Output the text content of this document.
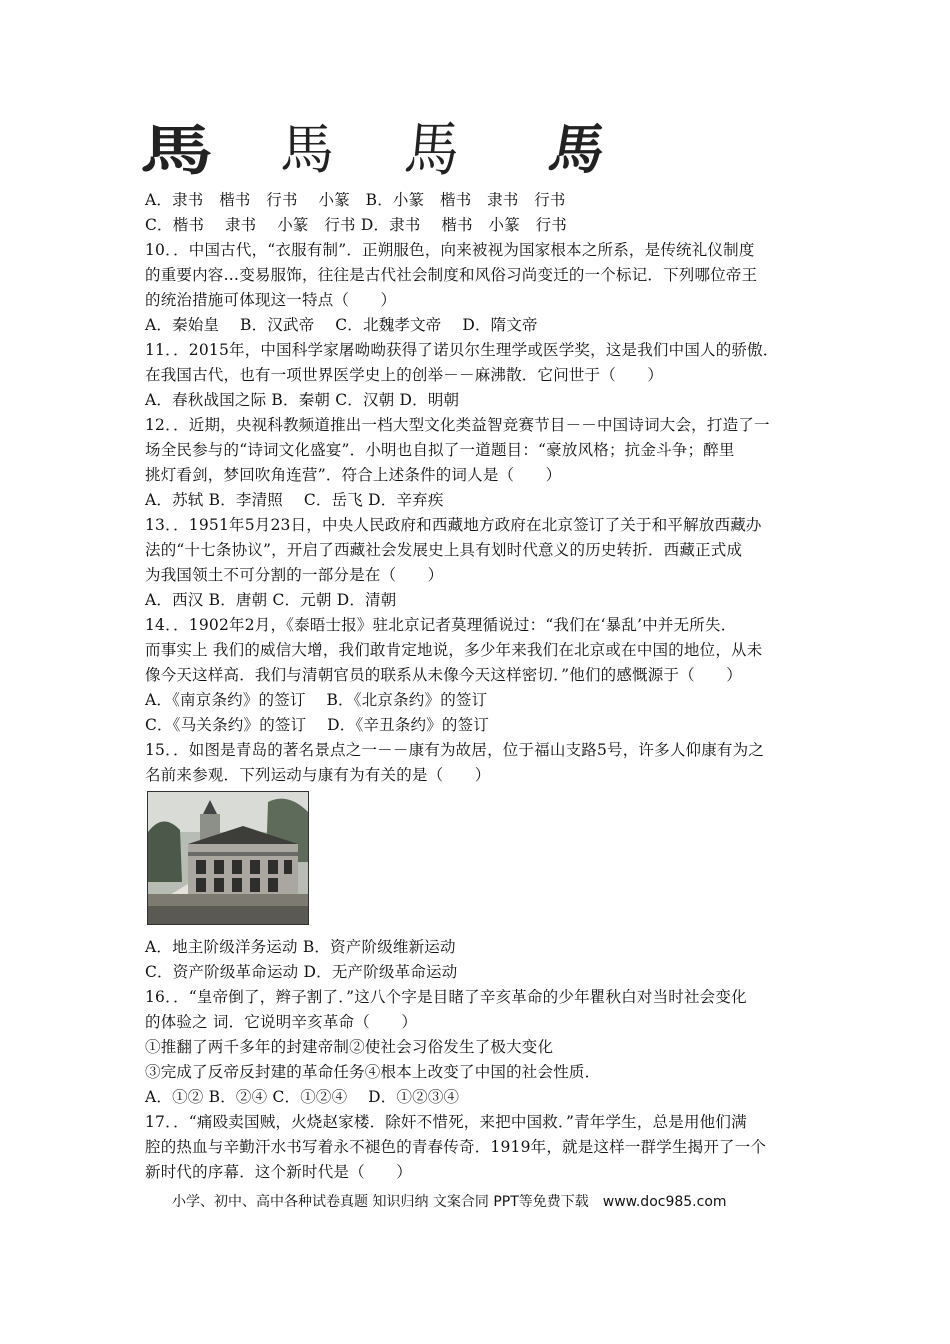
馬 馬 馬 馬
A．隶书　楷书　行书　 小篆　B．小篆　楷书　隶书　行书
C．楷书　 隶书　 小篆　行书 D．隶书　 楷书　小篆　行书
10．．中国古代，“衣服有制”．正朔服色，向来被视为国家根本之所系，是传统礼仪制度
的重要内容…变易服饰，往往是古代社会制度和风俗习尚变迁的一个标记．下列哪位帝王
的统治措施可体现这一特点（　　）
A．秦始皇　 B．汉武帝　 C．北魏孝文帝　 D．隋文帝
11．．2015年，中国科学家屠呦呦获得了诺贝尔生理学或医学奖，这是我们中国人的骄傲．
在我国古代，也有一项世界医学史上的创举－－麻沸散．它问世于（　　）
A．春秋战国之际 B．秦朝 C．汉朝 D．明朝
12．．近期，央视科教频道推出一档大型文化类益智竞赛节目－－中国诗词大会，打造了一
场全民参与的“诗词文化盛宴”．小明也自拟了一道题目：“豪放风格；抗金斗争；醉里
挑灯看剑，梦回吹角连营”．符合上述条件的词人是（　　）
A．苏轼 B．李清照　 C．岳飞 D．辛弃疾
13．．1951年5月23日，中央人民政府和西藏地方政府在北京签订了关于和平解放西藏办
法的“十七条协议”，开启了西藏社会发展史上具有划时代意义的历史转折．西藏正式成
为我国领土不可分割的一部分是在（　　）
A．西汉 B．唐朝 C．元朝 D．清朝
14．．1902年2月，《泰晤士报》驻北京记者莫理循说过：“我们在‘暴乱’中并无所失．
而事实上 我们的威信大增，我们敢肯定地说，多少年来我们在北京或在中国的地位，从未
像今天这样高．我们与清朝官员的联系从未像今天这样密切．”他们的感慨源于（　　）
A．《南京条约》的签订　 B．《北京条约》的签订
C．《马关条约》的签订　 D．《辛丑条约》的签订
15．．如图是青岛的著名景点之一－－康有为故居，位于福山支路5号，许多人仰康有为之
名前来参观．下列运动与康有为有关的是（　　）
A．地主阶级洋务运动 B．资产阶级维新运动
C．资产阶级革命运动 D．无产阶级革命运动
16．．“皇帝倒了，辫子割了．”这八个字是目睹了辛亥革命的少年瞿秋白对当时社会变化
的体验之 词．它说明辛亥革命（　　）
①推翻了两千多年的封建帝制②使社会习俗发生了极大变化
③完成了反帝反封建的革命任务④根本上改变了中国的社会性质．
A．①② B．②④ C．①②④　 D．①②③④
17．．“痛殴卖国贼，火烧赵家楼．除奸不惜死，来把中国救．”青年学生，总是用他们满
腔的热血与辛勤汗水书写着永不褪色的青春传奇．1919年，就是这样一群学生揭开了一个
新时代的序幕．这个新时代是（　　）
小学、初中、高中各种试卷真题 知识归纳 文案合同 PPT等免费下载　www.doc985.com
